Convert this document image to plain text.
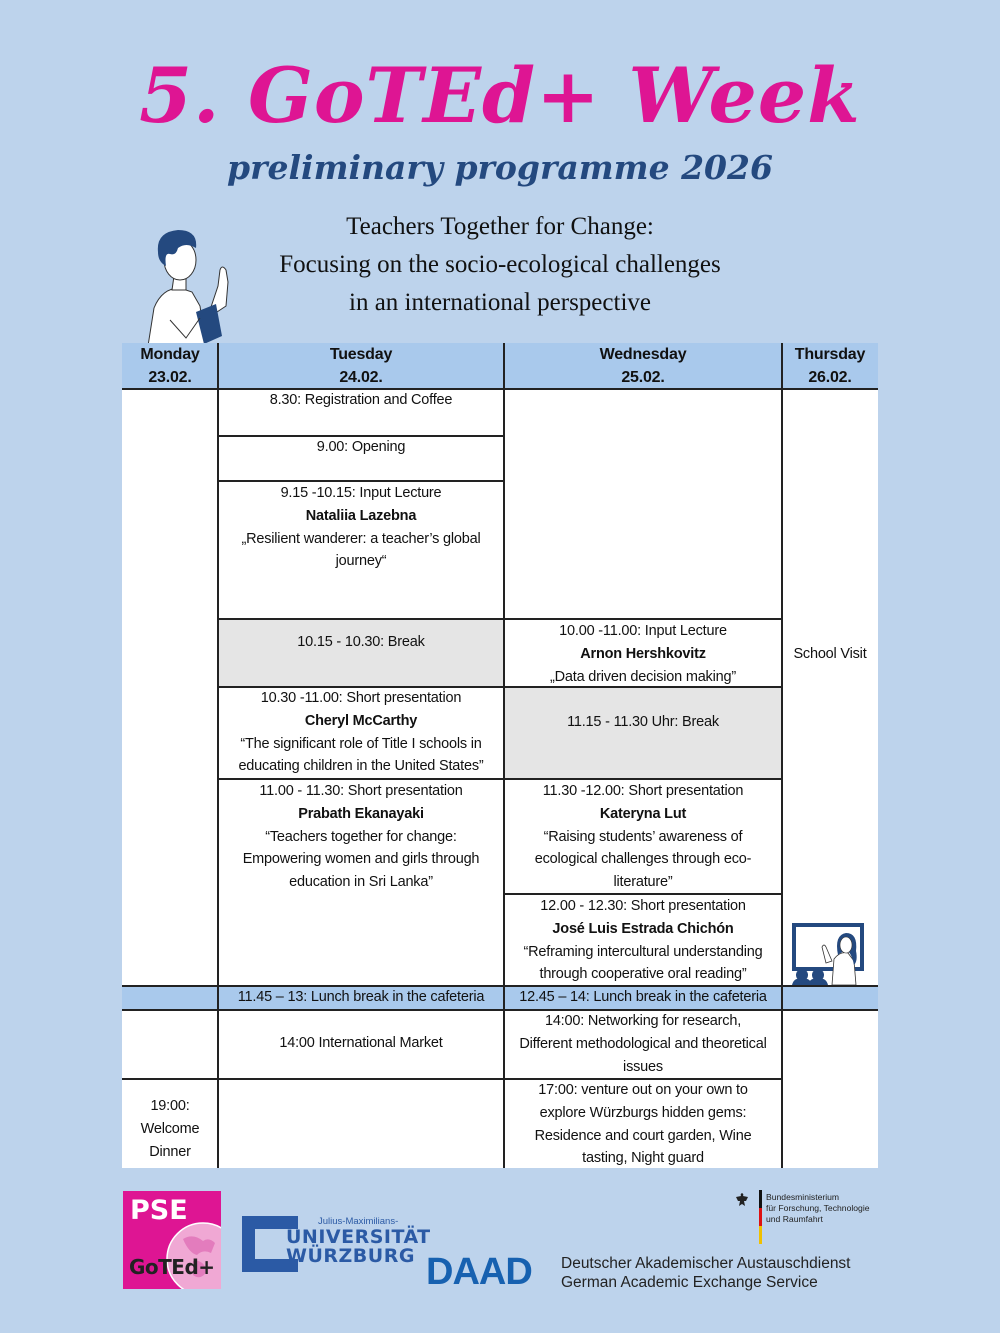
5. GoTEd+ Week
preliminary programme 2026
Teachers Together for Change:
Focusing on the socio-ecological challenges
in an international perspective
Monday
23.02.
Tuesday
24.02.
Wednesday
25.02.
Thursday
26.02.
8.30: Registration and Coffee
9.00: Opening
9.15 -10.15: Input Lecture
Nataliia Lazebna
„Resilient wanderer: a teacher’s global
journey“
10.15 - 10.30: Break
10.30 -11.00: Short presentation
Cheryl McCarthy
“The significant role of Title I schools in
educating children in the United States”
11.00 - 11.30: Short presentation
Prabath Ekanayaki
“Teachers together for change:
Empowering women and girls through
education in Sri Lanka”
10.00 -11.00: Input Lecture
Arnon Hershkovitz
„Data driven decision making”
11.15 - 11.30 Uhr: Break
11.30 -12.00: Short presentation
Kateryna Lut
“Raising students’ awareness of
ecological challenges through eco-
literature”
12.00 - 12.30: Short presentation
José Luis Estrada Chichón
“Reframing intercultural understanding
through cooperative oral reading”
School Visit
11.45 – 13: Lunch break in the cafeteria	12.45 – 14: Lunch break in the cafeteria
14:00 International Market
14:00: Networking for research,
Different methodological and theoretical
issues
19:00:
Welcome
Dinner
17:00: venture out on your own to
explore Würzburgs hidden gems:
Residence and court garden, Wine
tasting, Night guard
PSE
GoTEd+
Julius-Maximilians-
UNIVERSITÄT
WÜRZBURG
Bundesministerium
für Forschung, Technologie
und Raumfahrt
DAAD Deutscher Akademischer Austauschdienst
German Academic Exchange Service
